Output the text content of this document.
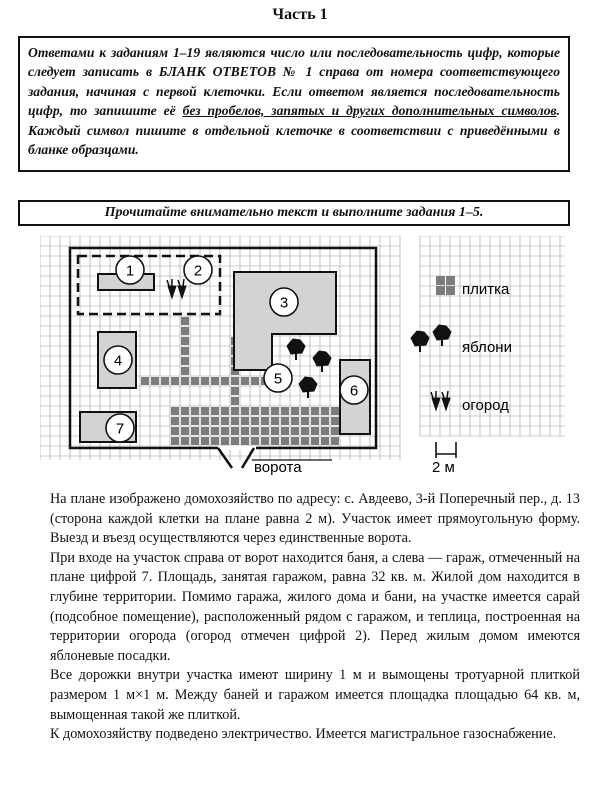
Часть 1
Ответами к заданиям 1–19 являются число или последовательность цифр, которые следует записать в БЛАНК ОТВЕТОВ № 1 справа от номера соответствующего задания, начиная с первой клеточки. Если ответом является последовательность цифр, то запишите её без пробелов, запятых и других дополнительных символов. Каждый символ пишите в отдельной клеточке в соответствии с приведёнными в бланке образцами.
Прочитайте внимательно текст и выполните задания 1–5.
ворота
1	2
3
4
5
6
7
плитка
яблони
огород
2 м

На плане изображено домохозяйство по адресу: с. Авдеево, 3-й Поперечный пер., д. 13 (сторона каждой клетки на плане равна 2 м). Участок имеет прямоугольную форму. Выезд и въезд осуществляются через единственные ворота.

При входе на участок справа от ворот находится баня, а слева — гараж, отмеченный на плане цифрой 7. Площадь, занятая гаражом, равна 32 кв. м. Жилой дом находится в глубине территории. Помимо гаража, жилого дома и бани, на участке имеется сарай (подсобное помещение), расположенный рядом с гаражом, и теплица, построенная на территории огорода (огород отмечен цифрой 2). Перед жилым домом имеются яблоневые посадки.

Все дорожки внутри участка имеют ширину 1 м и вымощены тротуарной плиткой размером 1 м×1 м. Между баней и гаражом имеется площадка площадью 64 кв. м, вымощенная такой же плиткой.

К домохозяйству подведено электричество. Имеется магистральное газоснабжение.
